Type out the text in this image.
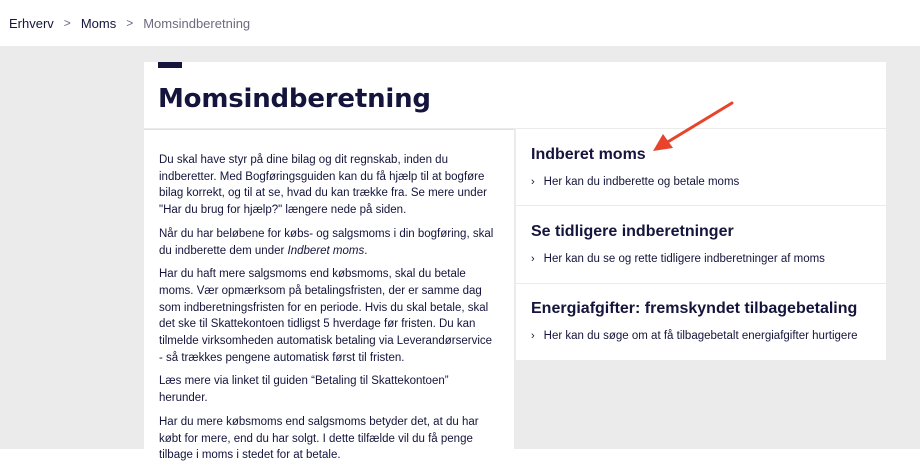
Erhverv > Moms > Momsindberetning
Momsindberetning

Du skal have styr på dine bilag og dit regnskab, inden du indberetter. Med Bogføringsguiden kan du få hjælp til at bogføre bilag korrekt, og til at se, hvad du kan trække fra. Se mere under "Har du brug for hjælp?" længere nede på siden.

Når du har beløbene for købs- og salgsmoms i din bogføring, skal du indberette dem under Indberet moms.

Har du haft mere salgsmoms end købsmoms, skal du betale moms. Vær opmærksom på betalingsfristen, der er samme dag som indberetningsfristen for en periode. Hvis du skal betale, skal det ske til Skattekontoen tidligst 5 hverdage før fristen. Du kan tilmelde virksomheden automatisk betaling via Leverandørservice - så trækkes pengene automatisk først til fristen.

Læs mere via linket til guiden “Betaling til Skattekontoen” herunder.

Har du mere købsmoms end salgsmoms betyder det, at du har købt for mere, end du har solgt. I dette tilfælde vil du få penge tilbage i moms i stedet for at betale.

Indberet moms
› Her kan du indberette og betale moms
Se tidligere indberetninger
› Her kan du se og rette tidligere indberetninger af moms
Energiafgifter: fremskyndet tilbagebetaling
› Her kan du søge om at få tilbagebetalt energiafgifter hurtigere
